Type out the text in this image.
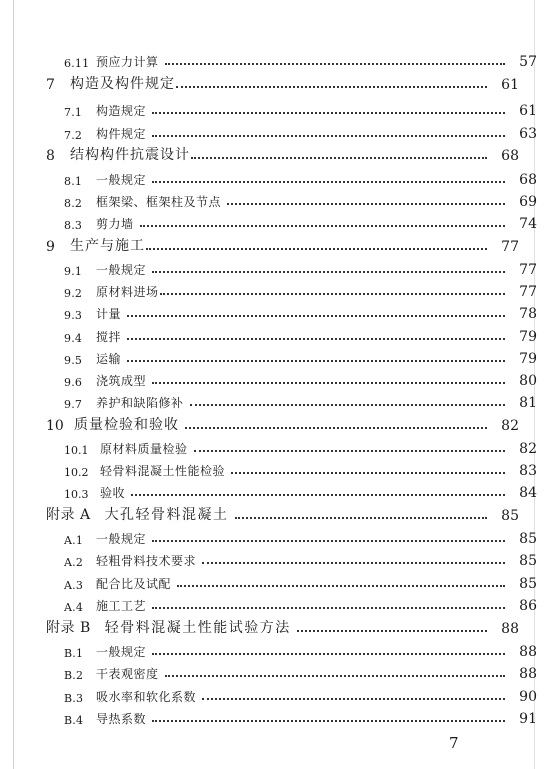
6.11 预应力计算	57
7	构造及构件规定	61
7.1	构造规定	61
7.2	构件规定	63
8	结构构件抗震设计	68
8.1	一般规定	68
8.2	框架梁、框架柱及节点	69
8.3	剪力墙	74
9	生产与施工	77
9.1	一般规定	77
9.2	原材料进场	77
9.3	计量	78
9.4	搅拌	79
9.5	运输	79
9.6	浇筑成型	80
9.7	养护和缺陷修补	81
10 质量检验和验收	82
10.1 原材料质量检验	82
10.2 轻骨料混凝土性能检验	83
10.3 验收	84
附录 A 大孔轻骨料混凝土	85
A.1	一般规定	85
A.2	轻粗骨料技术要求	85
A.3	配合比及试配	85
A.4	施工工艺	86
附录 B 轻骨料混凝土性能试验方法	88
B.1	一般规定	88
B.2	干表观密度	88
B.3	吸水率和软化系数	90
B.4	导热系数	91
7
